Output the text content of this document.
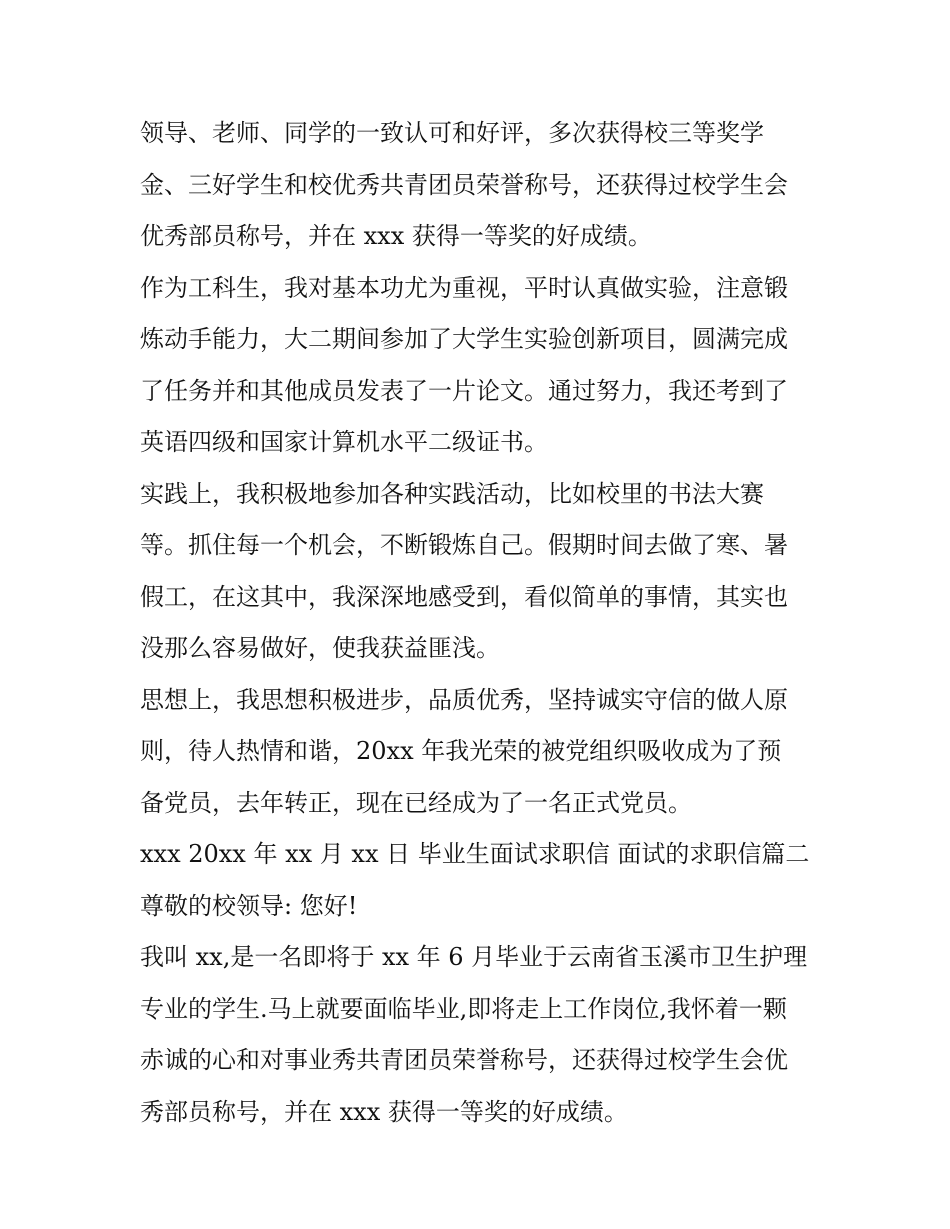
领导、老师、同学的一致认可和好评，多次获得校三等奖学
金、三好学生和校优秀共青团员荣誉称号，还获得过校学生会
优秀部员称号，并在 xxx 获得一等奖的好成绩。
作为工科生，我对基本功尤为重视，平时认真做实验，注意锻
炼动手能力，大二期间参加了大学生实验创新项目，圆满完成
了任务并和其他成员发表了一片论文。通过努力，我还考到了
英语四级和国家计算机水平二级证书。
实践上，我积极地参加各种实践活动，比如校里的书法大赛
等。抓住每一个机会，不断锻炼自己。假期时间去做了寒、暑
假工，在这其中，我深深地感受到，看似简单的事情，其实也
没那么容易做好，使我获益匪浅。
思想上，我思想积极进步，品质优秀，坚持诚实守信的做人原
则，待人热情和谐，20xx 年我光荣的被党组织吸收成为了预
备党员，去年转正，现在已经成为了一名正式党员。
xxx 20xx 年 xx 月 xx 日 毕业生面试求职信 面试的求职信篇二
尊敬的校领导: 您好!
我叫 xx,是一名即将于 xx 年 6 月毕业于云南省玉溪市卫生护理
专业的学生.马上就要面临毕业,即将走上工作岗位,我怀着一颗
赤诚的心和对事业秀共青团员荣誉称号，还获得过校学生会优
秀部员称号，并在 xxx 获得一等奖的好成绩。
